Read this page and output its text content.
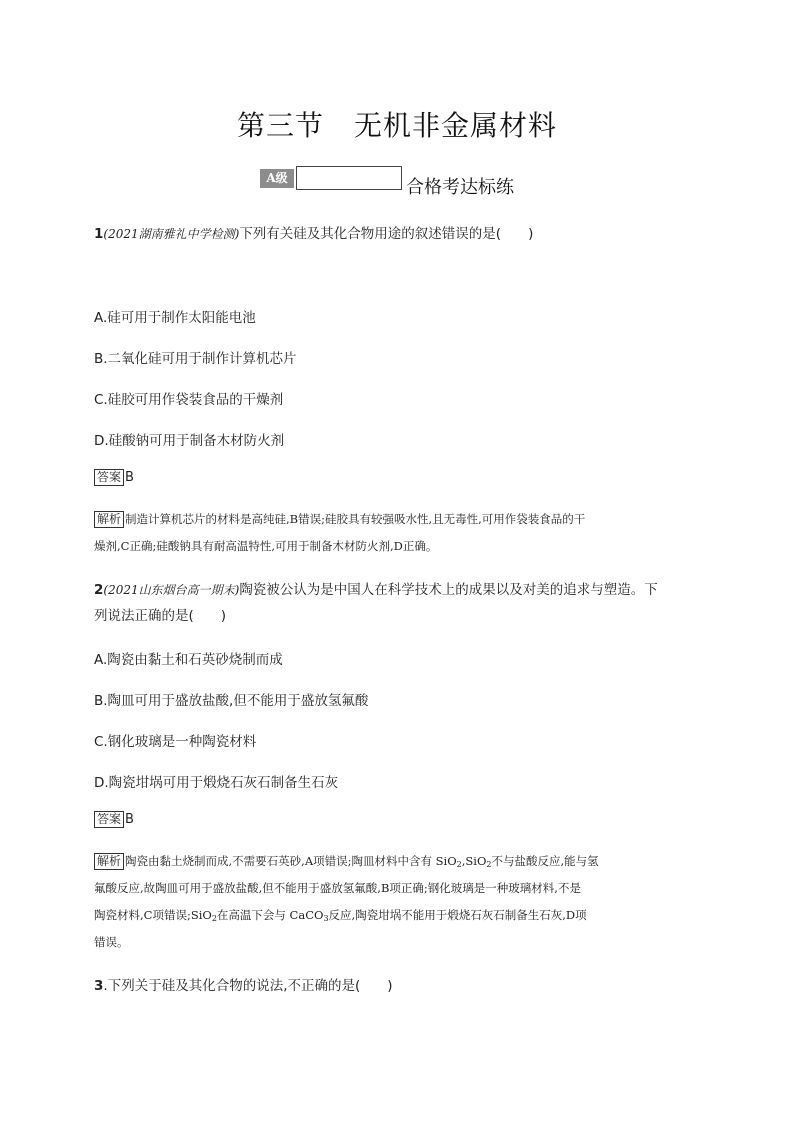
第三节 无机非金属材料
A级	合格考达标练
1(2021湖南雅礼中学检测)下列有关硅及其化合物用途的叙述错误的是(　　)
A.硅可用于制作太阳能电池
B.二氧化硅可用于制作计算机芯片
C.硅胶可用作袋装食品的干燥剂
D.硅酸钠可用于制备木材防火剂
答案 B
解析 制造计算机芯片的材料是高纯硅,B错误;硅胶具有较强吸水性,且无毒性,可用作袋装食品的干
燥剂,C正确;硅酸钠具有耐高温特性,可用于制备木材防火剂,D正确。
2(2021山东烟台高一期末)陶瓷被公认为是中国人在科学技术上的成果以及对美的追求与塑造。下
列说法正确的是(　　)
A.陶瓷由黏土和石英砂烧制而成
B.陶皿可用于盛放盐酸,但不能用于盛放氢氟酸
C.钢化玻璃是一种陶瓷材料
D.陶瓷坩埚可用于煅烧石灰石制备生石灰
答案 B
解析 陶瓷由黏土烧制而成,不需要石英砂,A项错误;陶皿材料中含有 SiO$_2$,SiO$_2$不与盐酸反应,能与氢
氟酸反应,故陶皿可用于盛放盐酸,但不能用于盛放氢氟酸,B项正确;钢化玻璃是一种玻璃材料,不是
陶瓷材料,C项错误;SiO$_2$在高温下会与 CaCO$_3$反应,陶瓷坩埚不能用于煅烧石灰石制备生石灰,D项
错误。
3.下列关于硅及其化合物的说法,不正确的是(　　)
